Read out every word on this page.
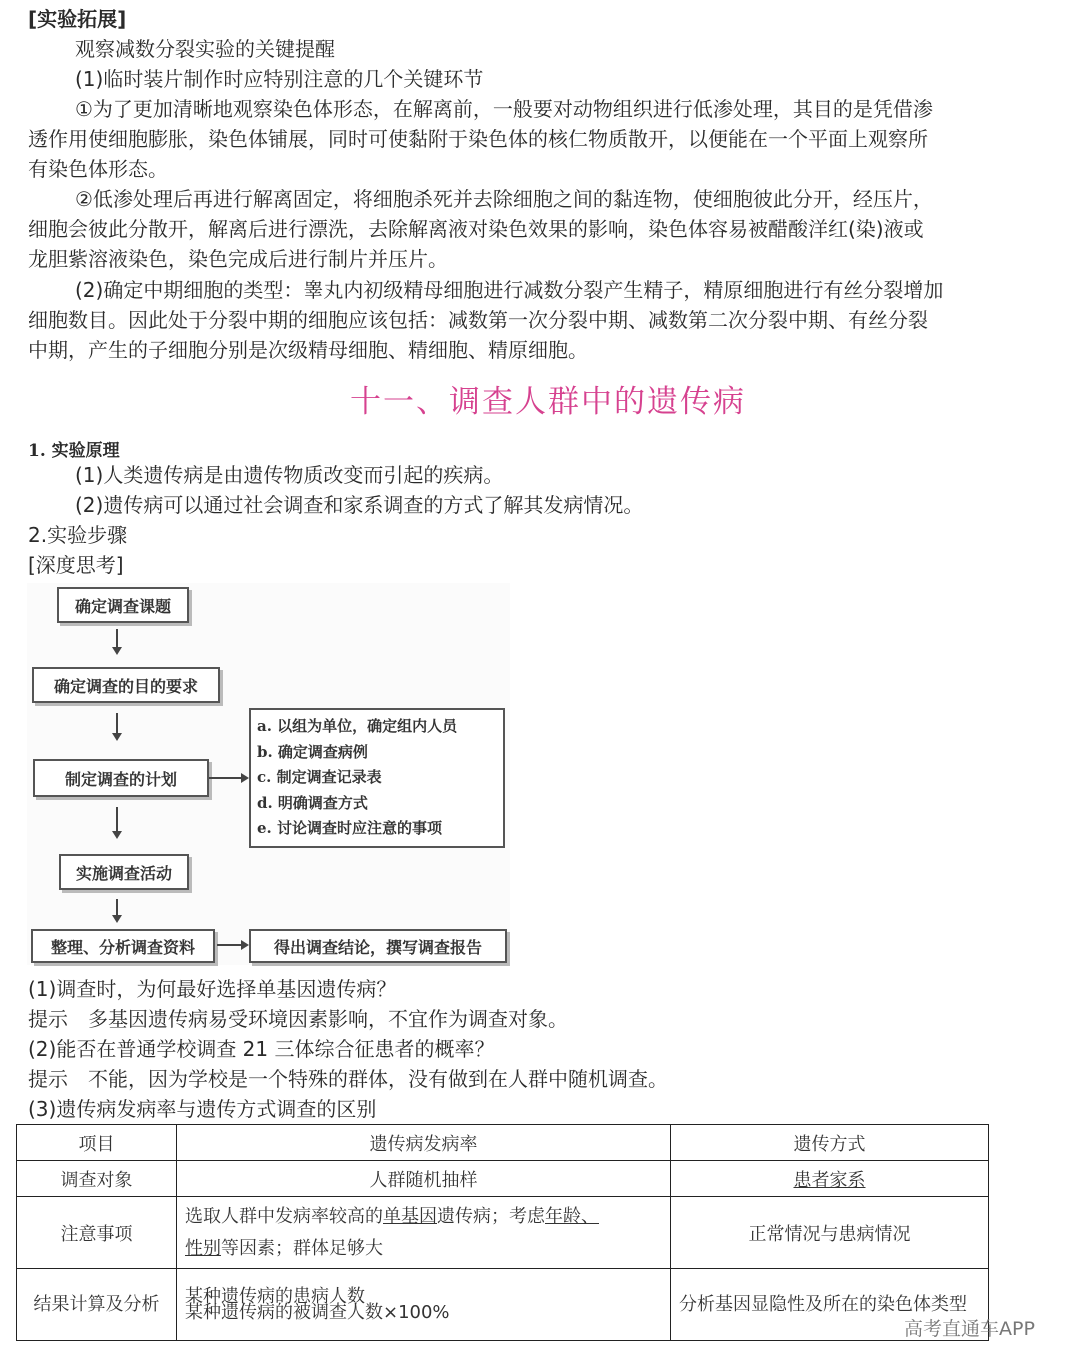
[实验拓展]
观察减数分裂实验的关键提醒
(1)临时装片制作时应特别注意的几个关键环节
①为了更加清晰地观察染色体形态，在解离前，一般要对动物组织进行低渗处理，其目的是凭借渗
透作用使细胞膨胀，染色体铺展，同时可使黏附于染色体的核仁物质散开，以便能在一个平面上观察所
有染色体形态。
②低渗处理后再进行解离固定，将细胞杀死并去除细胞之间的黏连物，使细胞彼此分开，经压片，
细胞会彼此分散开，解离后进行漂洗，去除解离液对染色效果的影响，染色体容易被醋酸洋红(染)液或
龙胆紫溶液染色，染色完成后进行制片并压片。
(2)确定中期细胞的类型：睾丸内初级精母细胞进行减数分裂产生精子，精原细胞进行有丝分裂增加
细胞数目。因此处于分裂中期的细胞应该包括：减数第一次分裂中期、减数第二次分裂中期、有丝分裂
中期，产生的子细胞分别是次级精母细胞、精细胞、精原细胞。
十一、调查人群中的遗传病
1. 实验原理
(1)人类遗传病是由遗传物质改变而引起的疾病。
(2)遗传病可以通过社会调查和家系调查的方式了解其发病情况。
2.实验步骤
[深度思考]
确定调查课题
确定调查的目的要求
制定调查的计划
a. 以组为单位，确定组内人员
b. 确定调查病例
c. 制定调查记录表
d. 明确调查方式
e. 讨论调查时应注意的事项
实施调查活动
整理、分析调查资料	得出调查结论，撰写调查报告
(1)调查时，为何最好选择单基因遗传病？
提示　多基因遗传病易受环境因素影响，不宜作为调查对象。
(2)能否在普通学校调查 21 三体综合征患者的概率？
提示　不能，因为学校是一个特殊的群体，没有做到在人群中随机调查。
(3)遗传病发病率与遗传方式调查的区别
项目	遗传病发病率	遗传方式
调查对象	人群随机抽样	患者家系
注意事项	选取人群中发病率较高的单基因遗传病；考虑年龄、
性别等因素；群体足够大	正常情况与患病情况
结果计算及分析	某种遗传病的患病人数
某种遗传病的被调查人数×100%	分析基因显隐性及所在的染色体类型
高考直通车APP
